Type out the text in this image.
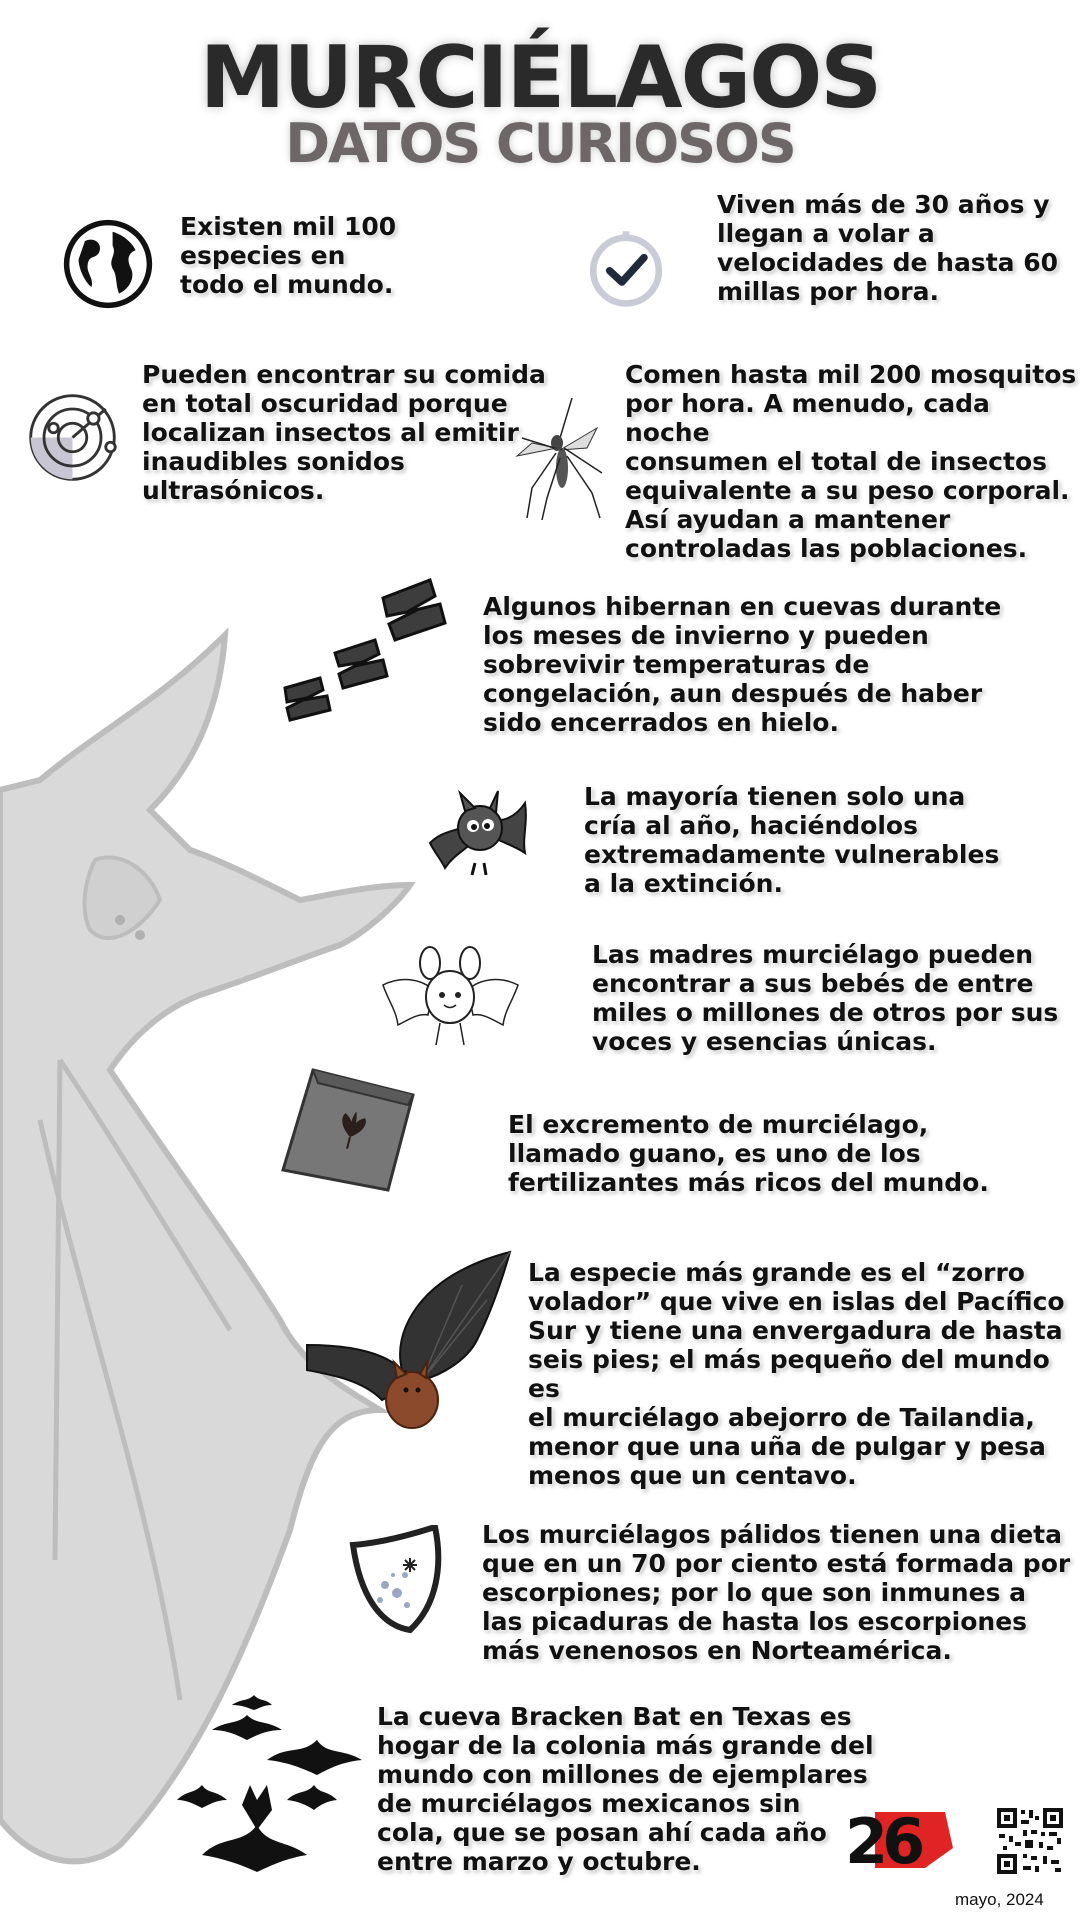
MURCIÉLAGOS
DATOS CURIOSOS
Existen mil 100
especies en
todo el mundo.
Viven más de 30 años y
llegan a volar a
velocidades de hasta 60
millas por hora.
Pueden encontrar su comida
en total oscuridad porque
localizan insectos al emitir
inaudibles sonidos
ultrasónicos.
Comen hasta mil 200 mosquitos
por hora. A menudo, cada noche
consumen el total de insectos
equivalente a su peso corporal.
Así ayudan a mantener
controladas las poblaciones.
Algunos hibernan en cuevas durante
los meses de invierno y pueden
sobrevivir temperaturas de
congelación, aun después de haber
sido encerrados en hielo.
La mayoría tienen solo una
cría al año, haciéndolos
extremadamente vulnerables
a la extinción.
Las madres murciélago pueden
encontrar a sus bebés de entre
miles o millones de otros por sus
voces y esencias únicas.
El excremento de murciélago,
llamado guano, es uno de los
fertilizantes más ricos del mundo.
La especie más grande es el “zorro
volador” que vive en islas del Pacífico
Sur y tiene una envergadura de hasta
seis pies; el más pequeño del mundo es
el murciélago abejorro de Tailandia,
menor que una uña de pulgar y pesa
menos que un centavo.
Los murciélagos pálidos tienen una dieta
que en un 70 por ciento está formada por
escorpiones; por lo que son inmunes a
las picaduras de hasta los escorpiones
más venenosos en Norteamérica.
La cueva Bracken Bat en Texas es
hogar de la colonia más grande del
mundo con millones de ejemplares
de murciélagos mexicanos sin
cola, que se posan ahí cada año
entre marzo y octubre.	26
mayo, 2024
